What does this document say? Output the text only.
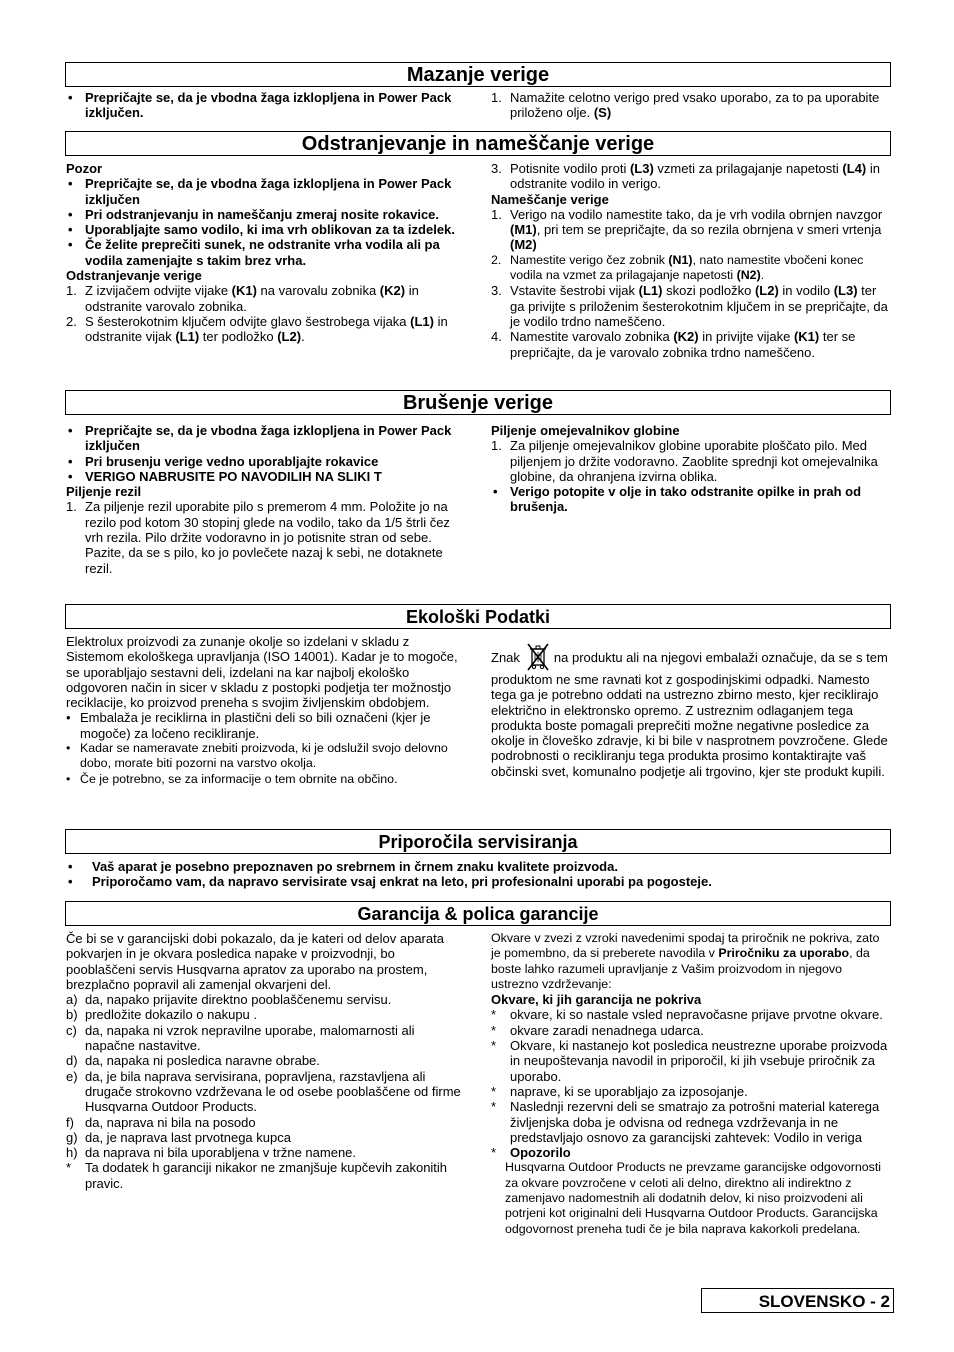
Mazanje verige
• Prepričajte se, da je vbodna žaga izklopljena in Power Pack izključen.
1. Namažite celotno verigo pred vsako uporabo, za to pa uporabite priloženo olje. (S)
Odstranjevanje in nameščanje verige

Pozor

• Prepričajte se, da je vbodna žaga izklopljena in Power Pack izključen
• Pri odstranjevanju in nameščanju zmeraj nosite rokavice.
• Uporabljajte samo vodilo, ki ima vrh oblikovan za ta izdelek.
• Če želite preprečiti sunek, ne odstranite vrha vodila ali pa vodila zamenjajte s takim brez vrha.

Odstranjevanje verige

1. Z izvijačem odvijte vijake (K1) na varovalu zobnika (K2) in odstranite varovalo zobnika.
2. S šesterokotnim ključem odvijte glavo šestrobega vijaka (L1) in odstranite vijak (L1) ter podložko (L2).
3. Potisnite vodilo proti (L3) vzmeti za prilagajanje napetosti (L4) in odstranite vodilo in verigo.

Nameščanje verige

1. Verigo na vodilo namestite tako, da je vrh vodila obrnjen navzgor (M1), pri tem se prepričajte, da so rezila obrnjena v smeri vrtenja (M2)
2. Namestite verigo čez zobnik (N1), nato namestite vbočeni konec vodila na vzmet za prilagajanje napetosti (N2).
3. Vstavite šestrobi vijak (L1) skozi podložko (L2) in vodilo (L3) ter ga privijte s priloženim šesterokotnim ključem in se prepričajte, da je vodilo trdno nameščeno.
4. Namestite varovalo zobnika (K2) in privijte vijake (K1) ter se prepričajte, da je varovalo zobnika trdno nameščeno.
Brušenje verige
• Prepričajte se, da je vbodna žaga izklopljena in Power Pack izključen
• Pri brusenju verige vedno uporabljajte rokavice
• VERIGO NABRUSITE PO NAVODILIH NA SLIKI T

Piljenje rezil

1. Za piljenje rezil uporabite pilo s premerom 4 mm. Položite jo na rezilo pod kotom 30 stopinj glede na vodilo, tako da 1/5 štrli čez vrh rezila. Pilo držite vodoravno in jo potisnite stran od sebe. Pazite, da se s pilo, ko jo povlečete nazaj k sebi, ne dotaknete rezil.

Piljenje omejevalnikov globine

1. Za piljenje omejevalnikov globine uporabite ploščato pilo. Med piljenjem jo držite vodoravno. Zaoblite sprednji kot omejevalnika globine, da ohranjena izvirna oblika.
• Verigo potopite v olje in tako odstranite opilke in prah od brušenja.
Ekološki Podatki

Elektrolux proizvodi za zunanje okolje so izdelani v skladu z Sistemom ekološkega upravljanja (ISO 14001). Kadar je to mogoče, se uporabljajo sestavni deli, izdelani na kar najbolj ekološko odgovoren način in sicer v skladu z postopki podjetja ter možnostjo reciklacije, ko proizvod preneha s svojim življenskim obdobjem.

• Embalaža je reciklirna in plastični deli so bili označeni (kjer je mogoče) za ločeno recikliranje.
• Kadar se nameravate znebiti proizvoda, ki je odslužil svojo delovno dobo, morate biti pozorni na varstvo okolja.
• Če je potrebno, se za informacije o tem obrnite na občino.

Znak	na produktu ali na njegovi embalaži označuje, da se s tem produktom ne sme ravnati kot z gospodinjskimi odpadki. Namesto tega ga je potrebno oddati na ustrezno zbirno mesto, kjer reciklirajo električno in elektronsko opremo. Z ustreznim odlaganjem tega produkta boste pomagali preprečiti možne negativne posledice za okolje in človeško zdravje, ki bi bile v nasprotnem povzročene. Glede podrobnosti o recikliranju tega produkta prosimo kontaktirajte vaš občinski svet, komunalno podjetje ali trgovino, kjer ste produkt kupili.

Priporočila servisiranja
• Vaš aparat je posebno prepoznaven po srebrnem in črnem znaku kvalitete proizvoda.
• Priporočamo vam, da napravo servisirate vsaj enkrat na leto, pri profesionalni uporabi pa pogosteje.
Garancija & polica garancije

Če bi se v garancijski dobi pokazalo, da je kateri od delov aparata pokvarjen in je okvara posledica napake v proizvodnji, bo pooblaščeni servis Husqvarna apratov za uporabo na prostem, brezplačno popravil ali zamenjal okvarjeni del.

a) da, napako prijavite direktno pooblaščenemu servisu.
b) predložite dokazilo o nakupu .
c) da, napaka ni vzrok nepravilne uporabe, malomarnosti ali napačne nastavitve.
d) da, napaka ni posledica naravne obrabe.
e) da, je bila naprava servisirana, popravljena, razstavljena ali drugače strokovno vzdrževana le od osebe pooblaščene od firme Husqvarna Outdoor Products.
f) da, naprava ni bila na posodo
g) da, je naprava last prvotnega kupca
h) da naprava ni bila uporabljena v tržne namene.
* Ta dodatek h garanciji nikakor ne zmanjšuje kupčevih zakonitih pravic.

Okvare v zvezi z vzroki navedenimi spodaj ta priročnik ne pokriva, zato je pomembno, da si preberete navodila v Priročniku za uporabo, da boste lahko razumeli upravljanje z Vašim proizvodom in njegovo ustrezno vzdrževanje:

Okvare, ki jih garancija ne pokriva

* okvare, ki so nastale vsled nepravočasne prijave prvotne okvare.
* okvare zaradi nenadnega udarca.
* Okvare, ki nastanejo kot posledica neustrezne uporabe proizvoda in neupoštevanja navodil in priporočil, ki jih vsebuje priročnik za uporabo.
* naprave, ki se uporabljajo za izposojanje.
* Naslednji rezervni deli se smatrajo za potrošni material katerega življenjska doba je odvisna od rednega vzdrževanja in ne predstavljajo osnovo za garancijski zahtevek: Vodilo in veriga
* Opozorilo
Husqvarna Outdoor Products ne prevzame garancijske odgovornosti za okvare povzročene v celoti ali delno, direktno ali indirektno z zamenjavo nadomestnih ali dodatnih delov, ki niso proizvodeni ali potrjeni kot originalni deli Husqvarna Outdoor Products. Garancijska odgovornost preneha tudi če je bila naprava kakorkoli predelana.
SLOVENSKO - 2
